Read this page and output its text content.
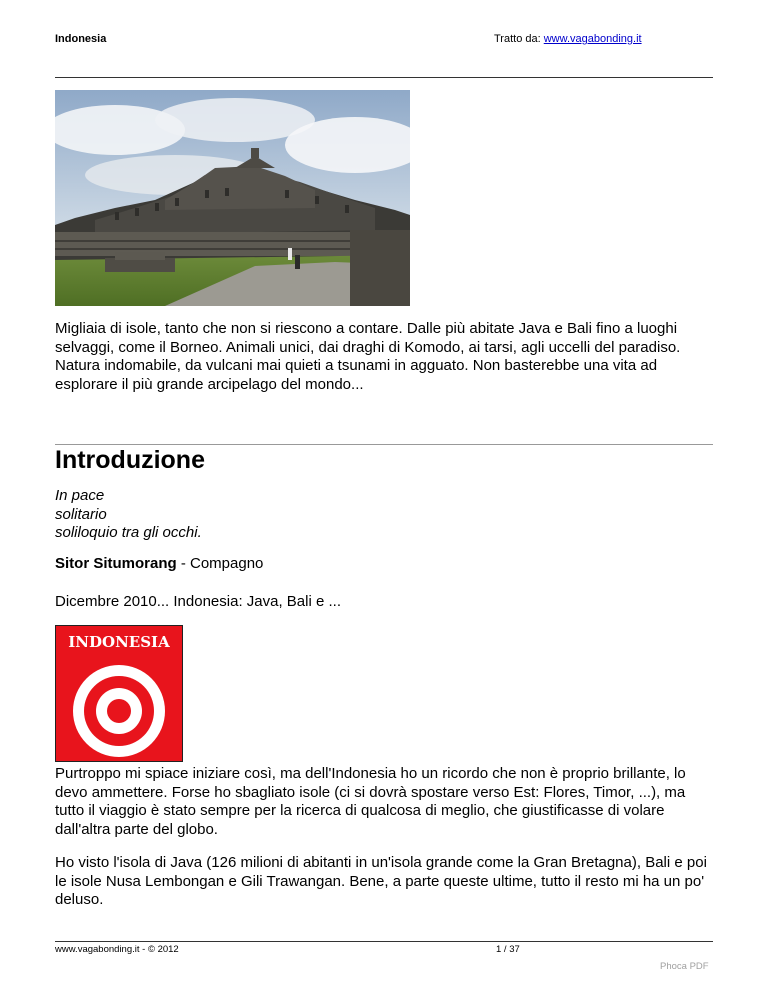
Indonesia	Tratto da: www.vagabonding.it
Migliaia di isole, tanto che non si riescono a contare. Dalle più abitate Java e Bali fino a luoghi selvaggi, come il Borneo. Animali unici, dai draghi di Komodo, ai tarsi, agli uccelli del paradiso. Natura indomabile, da vulcani mai quieti a tsunami in agguato. Non basterebbe una vita ad esplorare il più grande arcipelago del mondo...
Introduzione
In pace
solitario
soliloquio tra gli occhi.
Sitor Situmorang - Compagno
Dicembre 2010... Indonesia: Java, Bali e ...
INDONESIA
Purtroppo mi spiace iniziare così, ma dell'Indonesia ho un ricordo che non è proprio brillante, lo devo ammettere. Forse ho sbagliato isole (ci si dovrà spostare verso Est: Flores, Timor, ...), ma tutto il viaggio è stato sempre per la ricerca di qualcosa di meglio, che giustificasse di volare dall'altra parte del globo.
Ho visto l'isola di Java (126 milioni di abitanti in un'isola grande come la Gran Bretagna), Bali e poi le isole Nusa Lembongan e Gili Trawangan. Bene, a parte queste ultime, tutto il resto mi ha un po' deluso.
www.vagabonding.it - © 2012	1 / 37
Phoca PDF
